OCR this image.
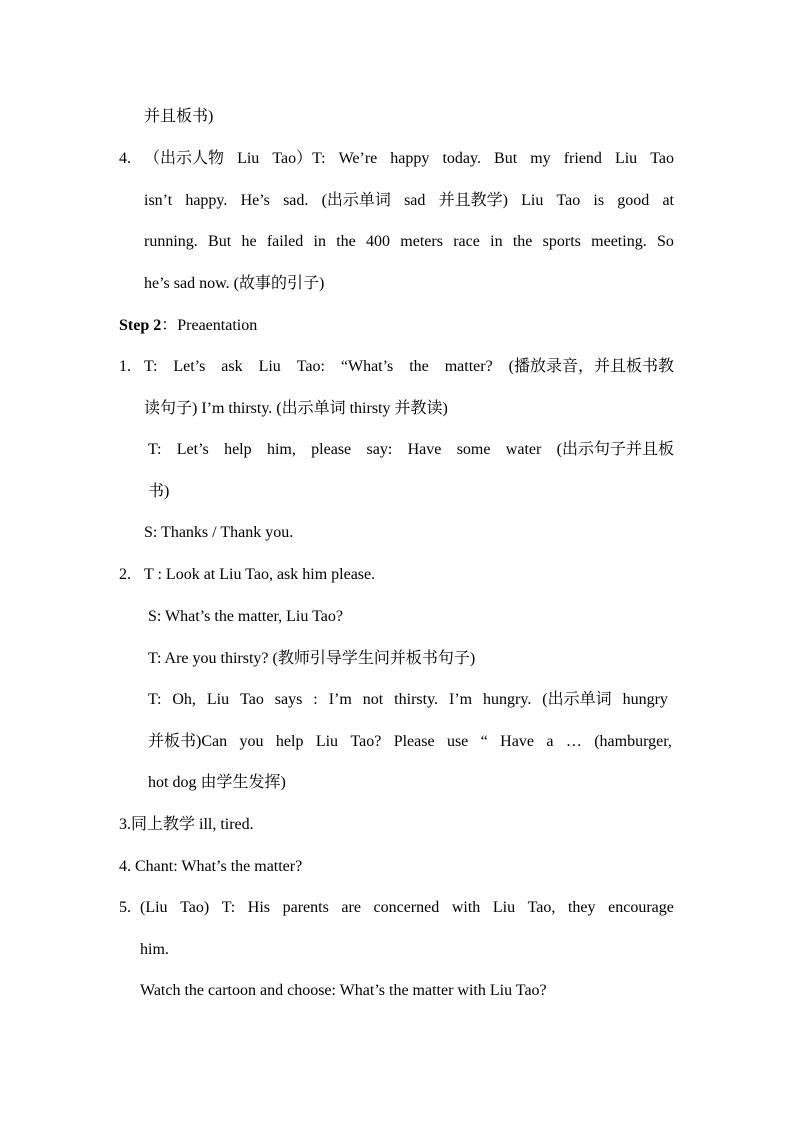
并且板书)
4. （出示人物 Liu Tao）T: We’re happy today. But my friend Liu Tao
isn’t happy. He’s sad. (出示单词 sad 并且教学) Liu Tao is good at
running. But he failed in the 400 meters race in the sports meeting. So
he’s sad now. (故事的引子)
Step 2：Preaentation
1. T: Let’s ask Liu Tao: “What’s the matter? (播放录音，并且板书教
读句子) I’m thirsty. (出示单词 thirsty 并教读)
T: Let’s help him, please say: Have some water (出示句子并且板
书)
S: Thanks / Thank you.
2. T : Look at Liu Tao, ask him please.
S: What’s the matter, Liu Tao?
T: Are you thirsty? (教师引导学生问并板书句子)
T: Oh, Liu Tao says : I’m not thirsty. I’m hungry. (出示单词 hungry
并板书)Can you help Liu Tao? Please use “ Have a … (hamburger,
hot dog 由学生发挥)
3.同上教学 ill, tired.
4. Chant: What’s the matter?
5. (Liu Tao) T: His parents are concerned with Liu Tao, they encourage
him.
Watch the cartoon and choose: What’s the matter with Liu Tao?
